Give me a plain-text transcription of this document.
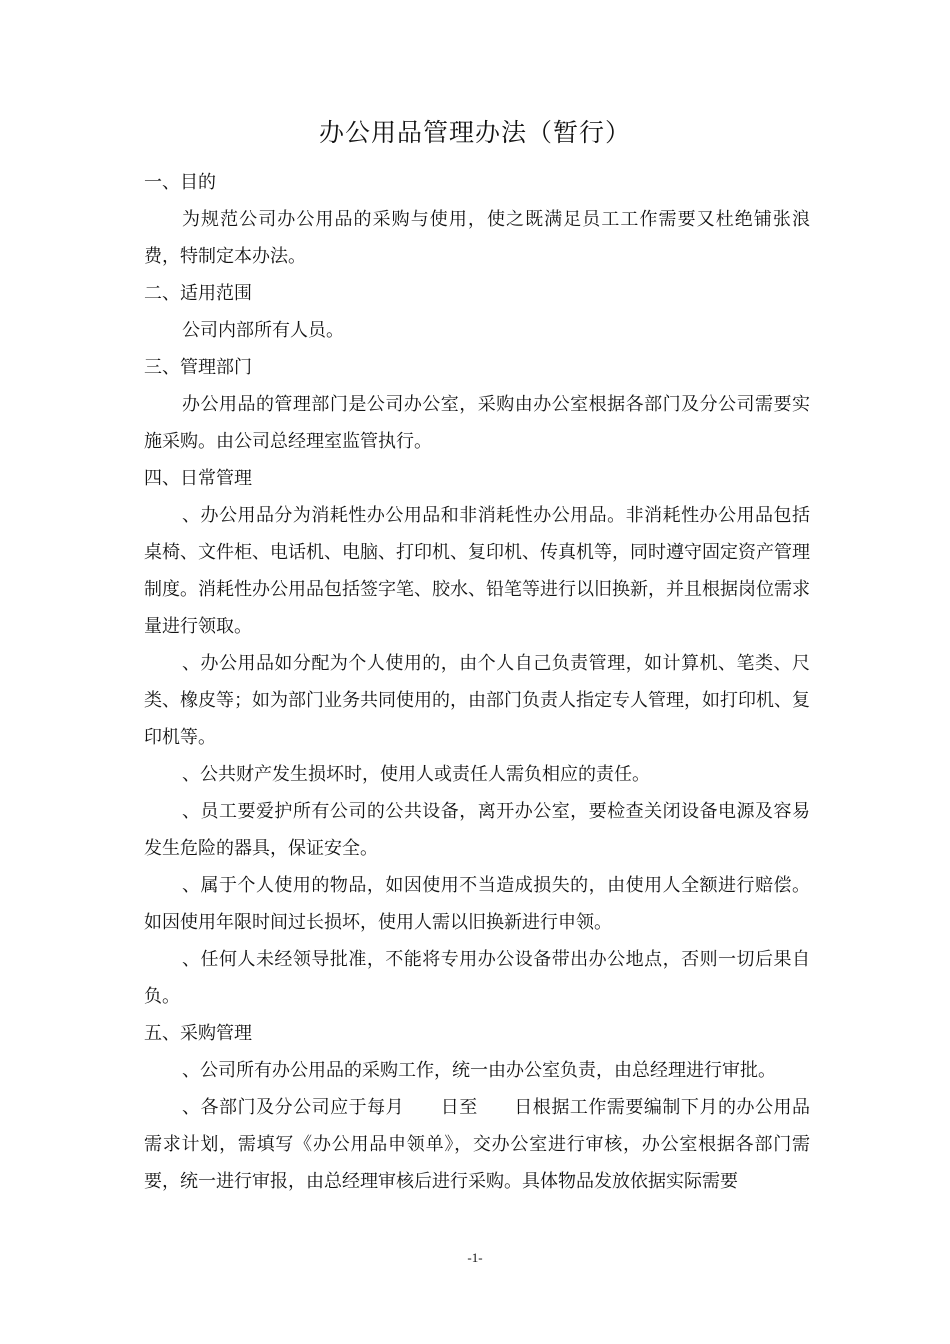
办公用品管理办法（暂行）

一、目的

为规范公司办公用品的采购与使用，使之既满足员工工作需要又杜绝铺张浪费，特制定本办法。

二、适用范围

公司内部所有人员。

三、管理部门

办公用品的管理部门是公司办公室，采购由办公室根据各部门及分公司需要实施采购。由公司总经理室监管执行。

四、日常管理

、办公用品分为消耗性办公用品和非消耗性办公用品。非消耗性办公用品包括桌椅、文件柜、电话机、电脑、打印机、复印机、传真机等，同时遵守固定资产管理制度。消耗性办公用品包括签字笔、胶水、铅笔等进行以旧换新，并且根据岗位需求量进行领取。

、办公用品如分配为个人使用的，由个人自己负责管理，如计算机、笔类、尺类、橡皮等；如为部门业务共同使用的，由部门负责人指定专人管理，如打印机、复印机等。

、公共财产发生损坏时，使用人或责任人需负相应的责任。

、员工要爱护所有公司的公共设备，离开办公室，要检查关闭设备电源及容易发生危险的器具，保证安全。

、属于个人使用的物品，如因使用不当造成损失的，由使用人全额进行赔偿。如因使用年限时间过长损坏，使用人需以旧换新进行申领。

、任何人未经领导批准，不能将专用办公设备带出办公地点，否则一切后果自负。

五、采购管理

、公司所有办公用品的采购工作，统一由办公室负责，由总经理进行审批。

、各部门及分公司应于每月 日至 日根据工作需要编制下月的办公用品需求计划，需填写《办公用品申领单》，交办公室进行审核，办公室根据各部门需要，统一进行审报，由总经理审核后进行采购。具体物品发放依据实际需要

-1-
